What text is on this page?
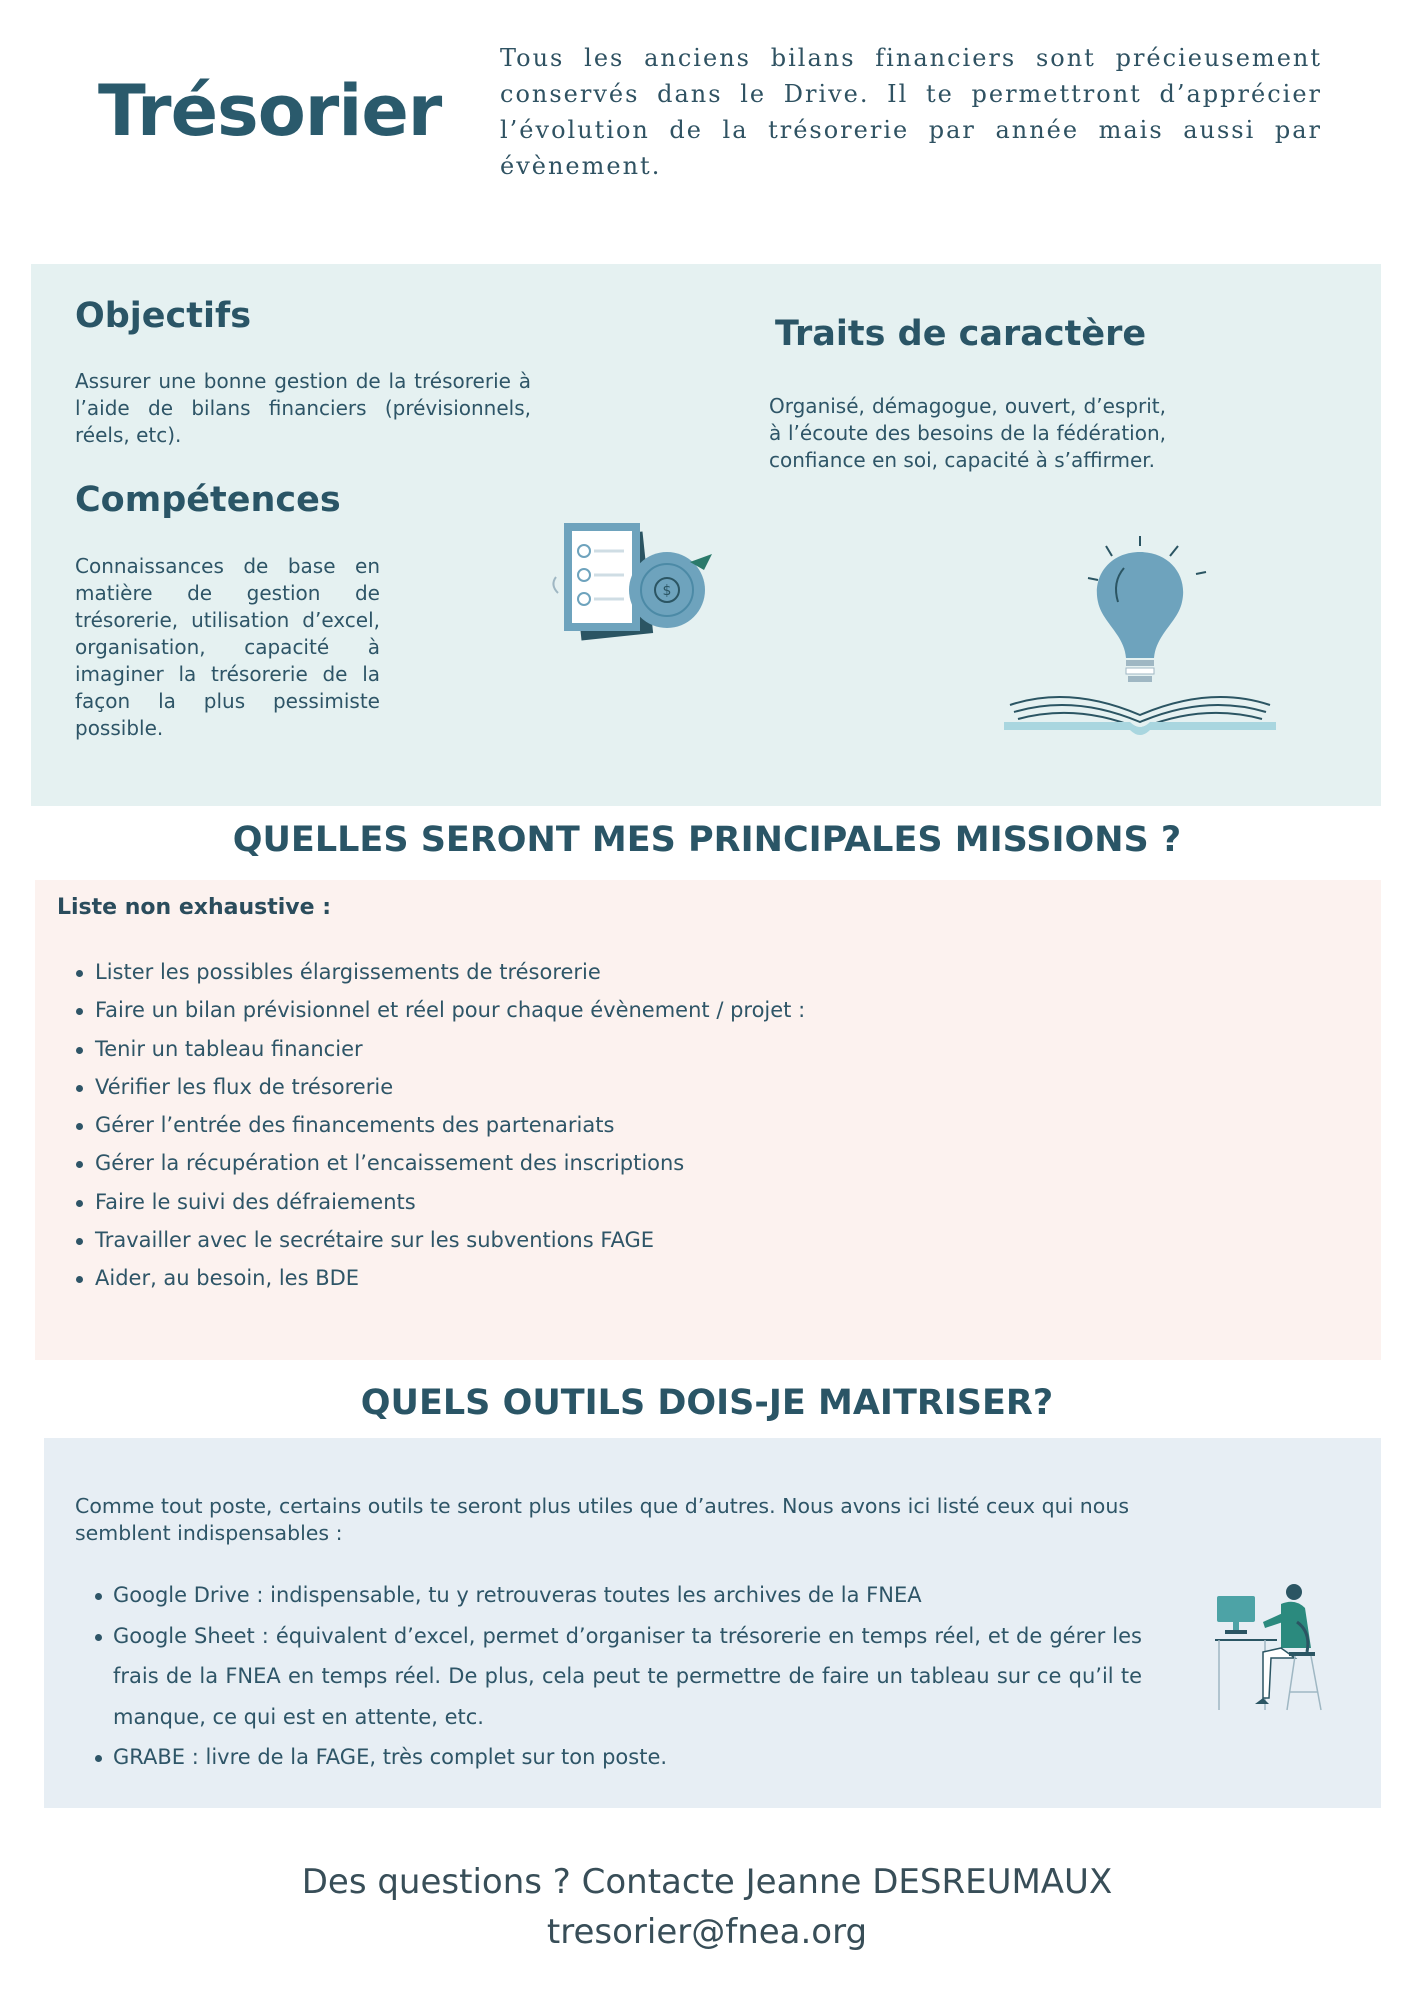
Trésorier

Tous les anciens bilans financiers sont précieusement conservés dans le Drive. Il te permettront d’apprécier l’évolution de la trésorerie par année mais aussi par évènement.

Objectifs

Assurer une bonne gestion de la trésorerie à l’aide de bilans financiers (prévisionnels, réels, etc).

Compétences

Connaissances de base en matière de gestion de trésorerie, utilisation d’excel, organisation, capacité à imaginer la trésorerie de la façon la plus pessimiste possible.

Traits de caractère

Organisé, démagogue, ouvert, d’esprit, à l’écoute des besoins de la fédération, confiance en soi, capacité à s’affirmer.

$
QUELLES SERONT MES PRINCIPALES MISSIONS ?
Liste non exhaustive :
Lister les possibles élargissements de trésorerie
Faire un bilan prévisionnel et réel pour chaque évènement / projet :
Tenir un tableau financier
Vérifier les flux de trésorerie
Gérer l’entrée des financements des partenariats
Gérer la récupération et l’encaissement des inscriptions
Faire le suivi des défraiements
Travailler avec le secrétaire sur les subventions FAGE
Aider, au besoin, les BDE
QUELS OUTILS DOIS-JE MAITRISER?

Comme tout poste, certains outils te seront plus utiles que d’autres. Nous avons ici listé ceux qui nous semblent indispensables :

Google Drive : indispensable, tu y retrouveras toutes les archives de la FNEA
Google Sheet : équivalent d’excel, permet d’organiser ta trésorerie en temps réel, et de gérer les frais de la FNEA en temps réel. De plus, cela peut te permettre de faire un tableau sur ce qu’il te manque, ce qui est en attente, etc.
GRABE : livre de la FAGE, très complet sur ton poste.
Des questions ? Contacte Jeanne DESREUMAUX
tresorier@fnea.org
